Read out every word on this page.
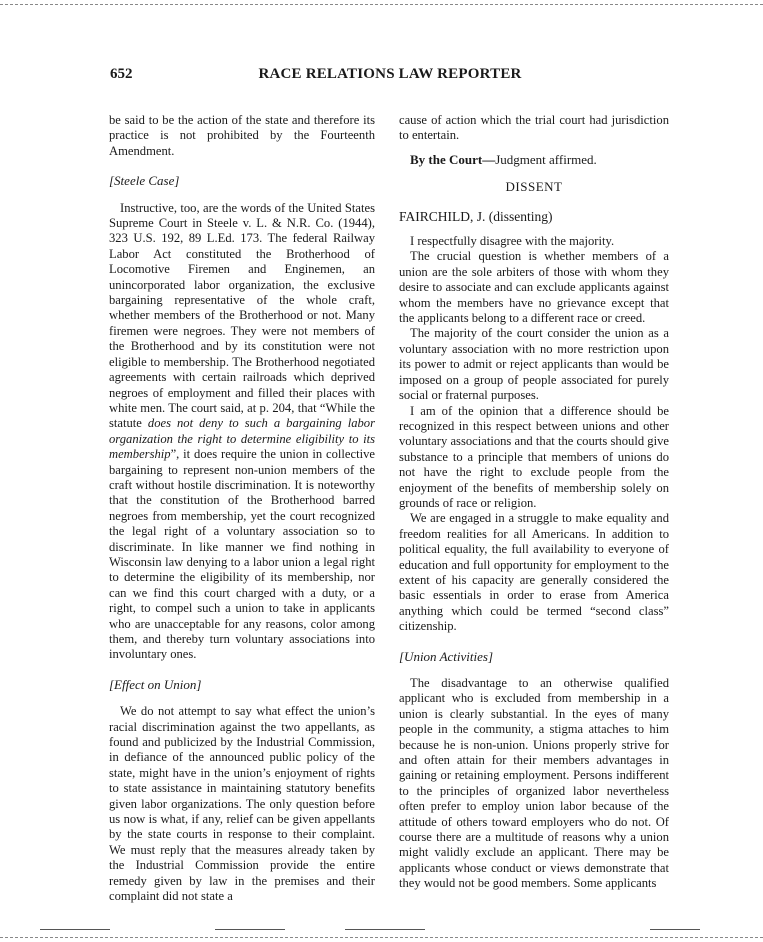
652	RACE RELATIONS LAW REPORTER

be said to be the action of the state and therefore its practice is not prohibited by the Fourteenth Amendment.

[Steele Case]

Instructive, too, are the words of the United States Supreme Court in Steele v. L. & N.R. Co. (1944), 323 U.S. 192, 89 L.Ed. 173. The federal Railway Labor Act constituted the Brotherhood of Locomotive Firemen and Enginemen, an unincorporated labor organization, the exclusive bargaining representative of the whole craft, whether members of the Brotherhood or not. Many firemen were negroes. They were not members of the Brotherhood and by its constitution were not eligible to membership. The Brotherhood negotiated agreements with certain railroads which deprived negroes of employment and filled their places with white men. The court said, at p. 204, that “While the statute does not deny to such a bargaining labor organization the right to determine eligibility to its membership”, it does require the union in collective bargaining to represent non-union members of the craft without hostile discrimination. It is noteworthy that the constitution of the Brotherhood barred negroes from membership, yet the court recognized the legal right of a voluntary association so to discriminate. In like manner we find nothing in Wisconsin law denying to a labor union a legal right to determine the eligibility of its membership, nor can we find this court charged with a duty, or a right, to compel such a union to take in applicants who are unacceptable for any reasons, color among them, and thereby turn voluntary associations into involuntary ones.

[Effect on Union]

We do not attempt to say what effect the union’s racial discrimination against the two appellants, as found and publicized by the Industrial Commission, in defiance of the announced public policy of the state, might have in the union’s enjoyment of rights to state assistance in maintaining statutory benefits given labor organizations. The only question before us now is what, if any, relief can be given appellants by the state courts in response to their complaint. We must reply that the measures already taken by the Industrial Commission provide the entire remedy given by law in the premises and their complaint did not state a

cause of action which the trial court had jurisdiction to entertain.

By the Court—Judgment affirmed.

DISSENT
FAIRCHILD, J. (dissenting)

I respectfully disagree with the majority.

The crucial question is whether members of a union are the sole arbiters of those with whom they desire to associate and can exclude applicants against whom the members have no grievance except that the applicants belong to a different race or creed.

The majority of the court consider the union as a voluntary association with no more restriction upon its power to admit or reject applicants than would be imposed on a group of people associated for purely social or fraternal purposes.

I am of the opinion that a difference should be recognized in this respect between unions and other voluntary associations and that the courts should give substance to a principle that members of unions do not have the right to exclude people from the enjoyment of the benefits of membership solely on grounds of race or religion.

We are engaged in a struggle to make equality and freedom realities for all Americans. In addition to political equality, the full availability to everyone of education and full opportunity for employment to the extent of his capacity are generally considered the basic essentials in order to erase from America anything which could be termed “second class” citizenship.

[Union Activities]

The disadvantage to an otherwise qualified applicant who is excluded from membership in a union is clearly substantial. In the eyes of many people in the community, a stigma attaches to him because he is non-union. Unions properly strive for and often attain for their members advantages in gaining or retaining employment. Persons indifferent to the principles of organized labor nevertheless often prefer to employ union labor because of the attitude of others toward employers who do not. Of course there are a multitude of reasons why a union might validly exclude an applicant. There may be applicants whose conduct or views demonstrate that they would not be good members. Some applicants
